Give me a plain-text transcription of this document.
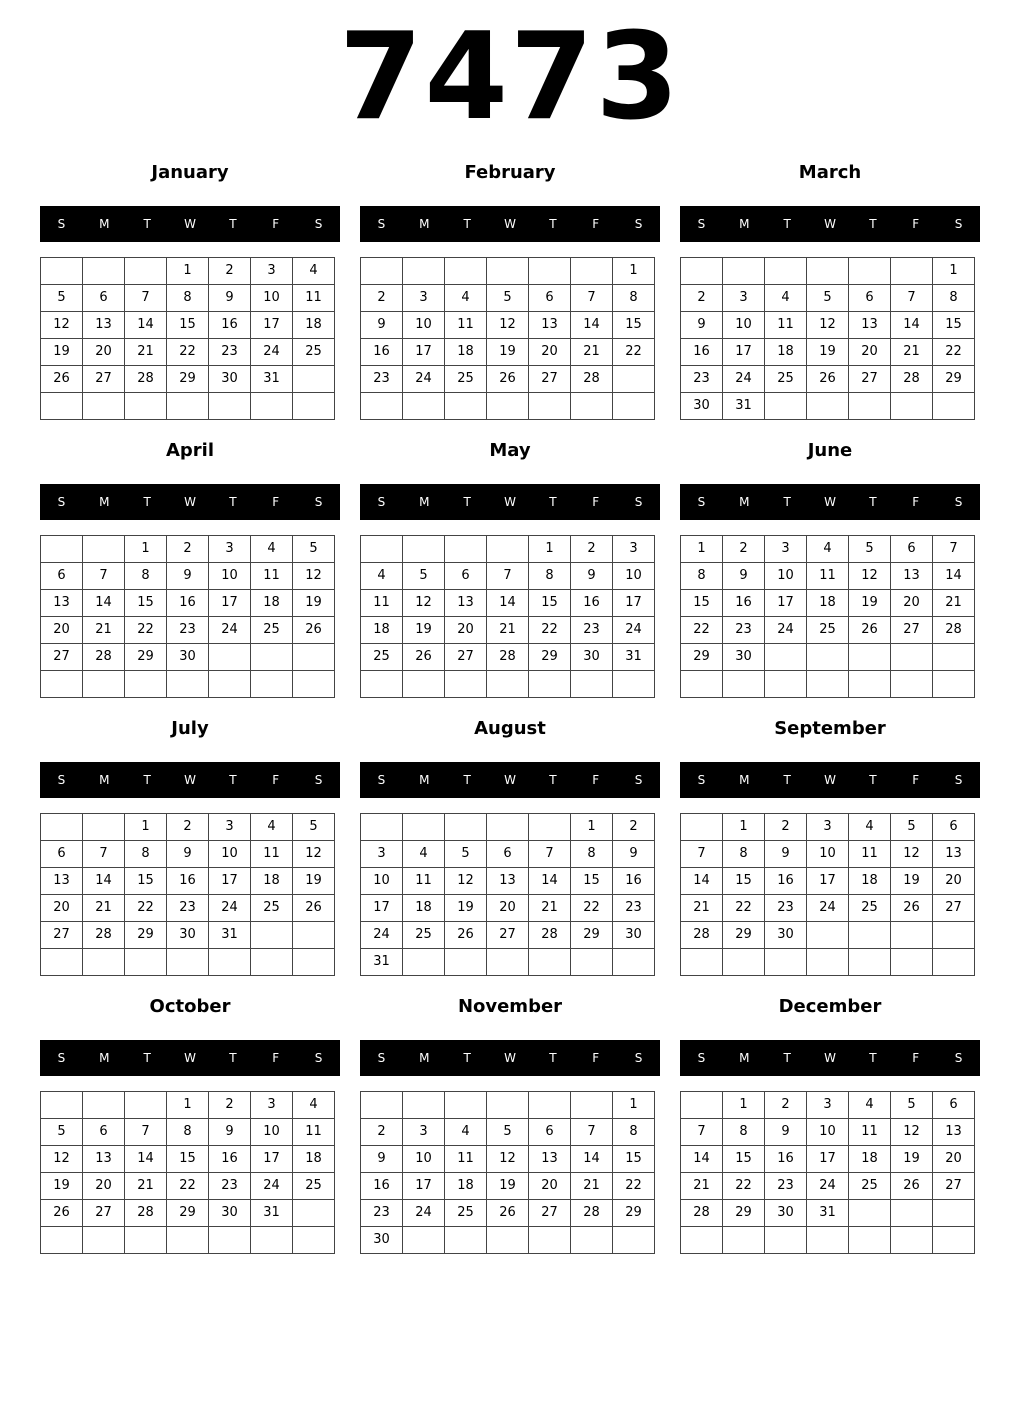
7473
January
S	M	T	W	T	F	S
			1	2	3	4
5	6	7	8	9	10	11
12	13	14	15	16	17	18
19	20	21	22	23	24	25
26	27	28	29	30	31	

February
S	M	T	W	T	F	S
						1
2	3	4	5	6	7	8
9	10	11	12	13	14	15
16	17	18	19	20	21	22
23	24	25	26	27	28	

March
S	M	T	W	T	F	S
						1
2	3	4	5	6	7	8
9	10	11	12	13	14	15
16	17	18	19	20	21	22
23	24	25	26	27	28	29
30	31					
April
S	M	T	W	T	F	S
		1	2	3	4	5
6	7	8	9	10	11	12
13	14	15	16	17	18	19
20	21	22	23	24	25	26
27	28	29	30			

May
S	M	T	W	T	F	S
				1	2	3
4	5	6	7	8	9	10
11	12	13	14	15	16	17
18	19	20	21	22	23	24
25	26	27	28	29	30	31

June
S	M	T	W	T	F	S
1	2	3	4	5	6	7
8	9	10	11	12	13	14
15	16	17	18	19	20	21
22	23	24	25	26	27	28
29	30					

July
S	M	T	W	T	F	S
		1	2	3	4	5
6	7	8	9	10	11	12
13	14	15	16	17	18	19
20	21	22	23	24	25	26
27	28	29	30	31		

August
S	M	T	W	T	F	S
					1	2
3	4	5	6	7	8	9
10	11	12	13	14	15	16
17	18	19	20	21	22	23
24	25	26	27	28	29	30
31						
September
S	M	T	W	T	F	S
	1	2	3	4	5	6
7	8	9	10	11	12	13
14	15	16	17	18	19	20
21	22	23	24	25	26	27
28	29	30				

October
S	M	T	W	T	F	S
			1	2	3	4
5	6	7	8	9	10	11
12	13	14	15	16	17	18
19	20	21	22	23	24	25
26	27	28	29	30	31	

November
S	M	T	W	T	F	S
						1
2	3	4	5	6	7	8
9	10	11	12	13	14	15
16	17	18	19	20	21	22
23	24	25	26	27	28	29
30						
December
S	M	T	W	T	F	S
	1	2	3	4	5	6
7	8	9	10	11	12	13
14	15	16	17	18	19	20
21	22	23	24	25	26	27
28	29	30	31			
